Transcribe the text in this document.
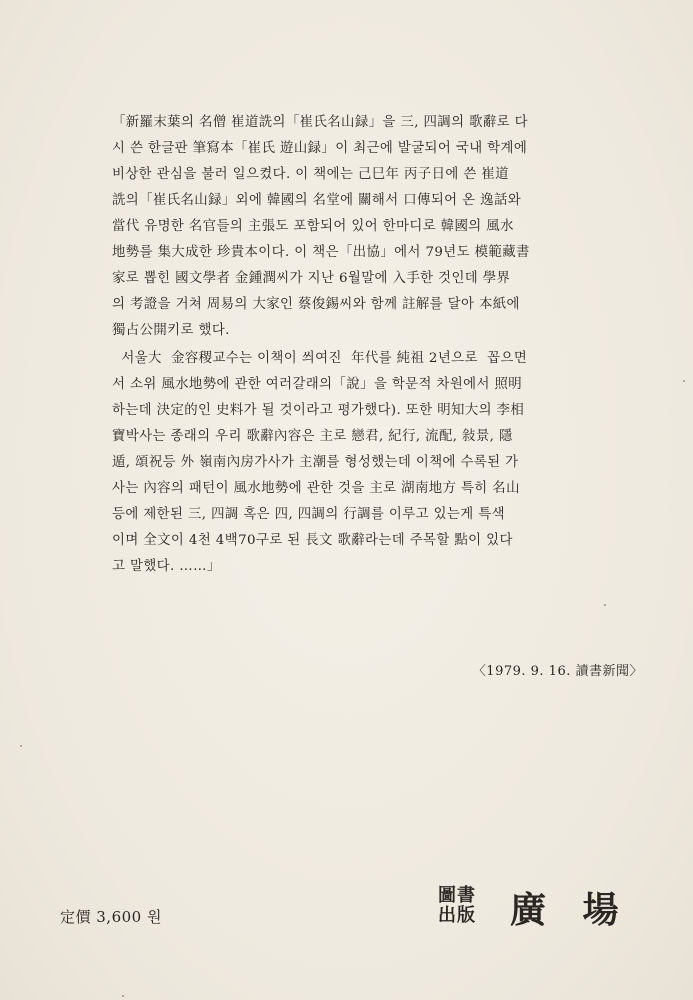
「新羅末葉의 名僧 崔道詵의「崔氏名山録」을 三, 四調의 歌辭로 다
시 쓴 한글판 筆寫本「崔氏 遊山録」이 최근에 발굴되어 국내 학계에
비상한 관심을 불러 일으켰다. 이 책에는 己巳年 丙子日에 쓴 崔道
詵의「崔氏名山録」외에 韓國의 名堂에 關해서 口傳되어 온 逸話와
當代 유명한 名官들의 主張도 포함되어 있어 한마디로 韓國의 風水
地勢를 集大成한 珍貴本이다. 이 책은「出協」에서 79년도 模範藏書
家로 뽑힌 國文學者 金鍾潤씨가 지난 6월말에 入手한 것인데 學界
의 考證을 거쳐 周易의 大家인 蔡俊錫씨와 함께 註解를 달아 本紙에
獨占公開키로 했다.
서울大  金容稷교수는 이책이 씌여진  年代를 純祖 2년으로  꼽으면
서 소위 風水地勢에 관한 여러갈래의「說」을 학문적 차원에서 照明
하는데 決定的인 史料가 될 것이라고 평가했다). 또한 明知大의 李相
寶박사는 종래의 우리 歌辭內容은 主로 戀君, 紀行, 流配, 敍景, 隱
遁, 頌祝등 外 嶺南內房가사가 主潮를 형성했는데 이책에 수록된 가
사는 內容의 패턴이 風水地勢에 관한 것을 主로 湖南地方 특히 名山
등에 제한된 三, 四調 혹은 四, 四調의 行調를 이루고 있는게 특색
이며 全文이 4천 4백70구로 된 長文 歌辭라는데 주목할 點이 있다
고 말했다. ……」
〈1979. 9. 16. 讀書新聞〉
定價 3,600 원
圖書
出版 廣 場
